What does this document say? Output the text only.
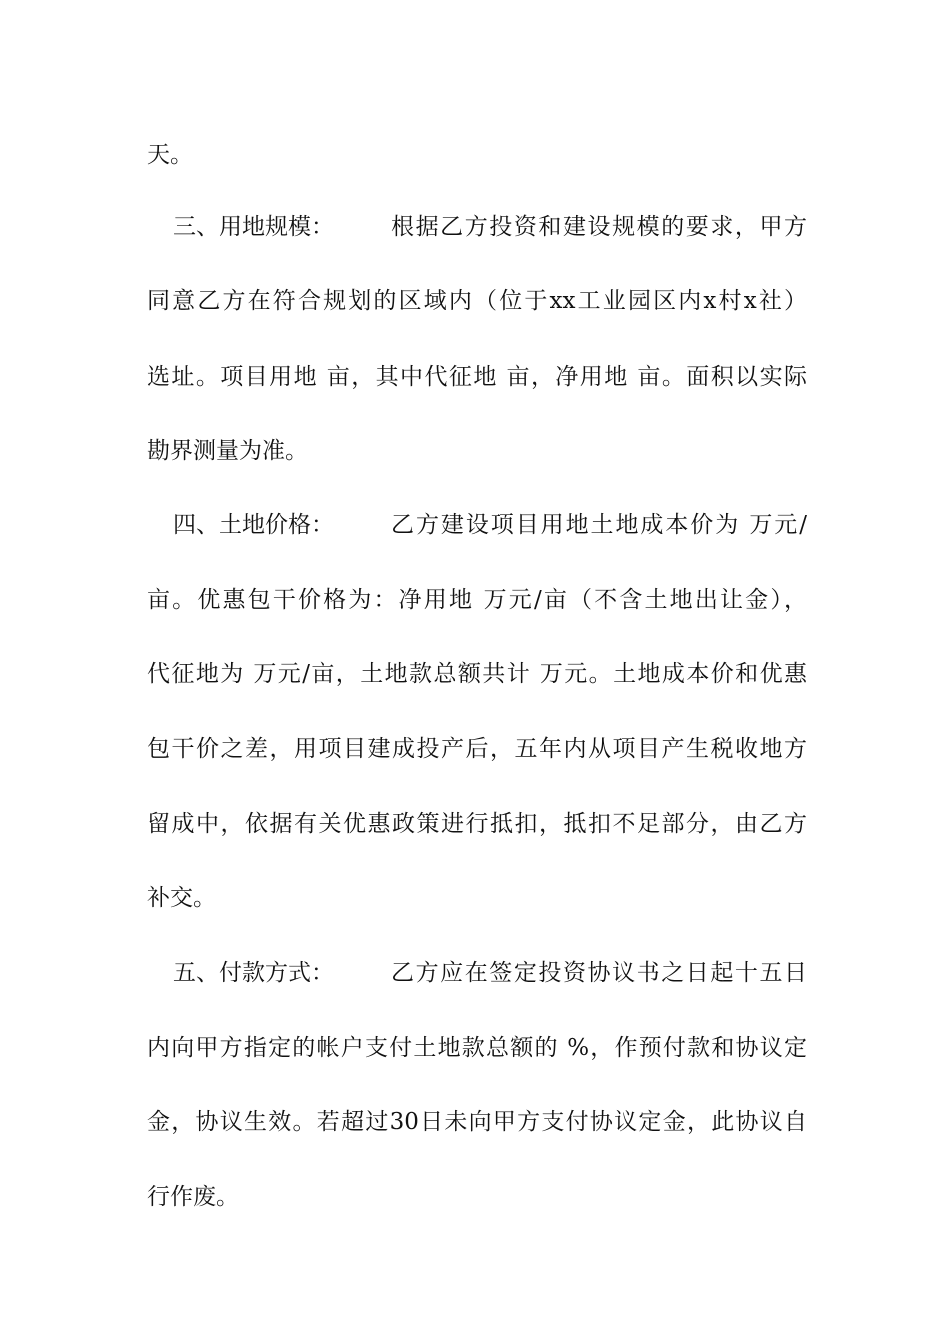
天。
三、用地规模： 根据乙方投资和建设规模的要求，甲方
同意乙方在符合规划的区域内（位于xx工业园区内x村x社）
选址。项目用地 亩，其中代征地 亩，净用地 亩。面积以实际
勘界测量为准。
四、土地价格： 乙方建设项目用地土地成本价为 万元/
亩。优惠包干价格为：净用地 万元/亩（不含土地出让金），
代征地为 万元/亩，土地款总额共计 万元。土地成本价和优惠
包干价之差，用项目建成投产后，五年内从项目产生税收地方
留成中，依据有关优惠政策进行抵扣，抵扣不足部分，由乙方
补交。
五、付款方式： 乙方应在签定投资协议书之日起十五日
内向甲方指定的帐户支付土地款总额的 %，作预付款和协议定
金，协议生效。若超过30日未向甲方支付协议定金，此协议自
行作废。
